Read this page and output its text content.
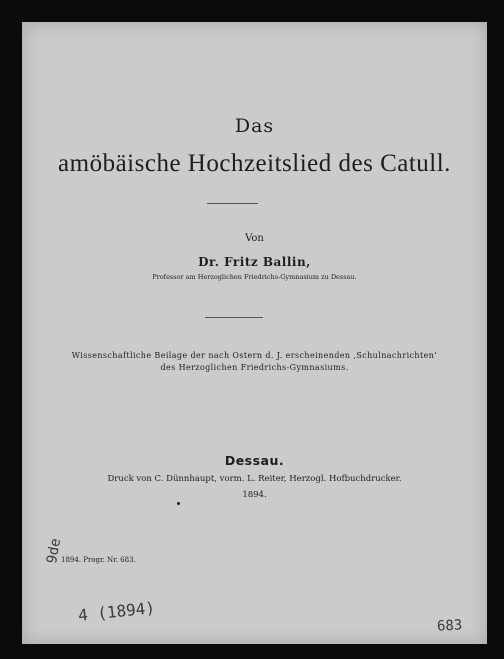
Das
amöbäische Hochzeitslied des Catull.
Von
Dr. Fritz Ballin,
Professor am Herzoglichen Friedrichs-Gymnasium zu Dessau.
Wissenschaftliche Beilage der nach Ostern d. J. erscheinenden ‚Schulnachrichten‘
des Herzoglichen Friedrichs-Gymnasiums.
Dessau.
Druck von C. Dünnhaupt, vorm. L. Reiter, Herzogl. Hofbuchdrucker.
1894.
1894. Progr. Nr. 683.
9de
4 (1894)
683
